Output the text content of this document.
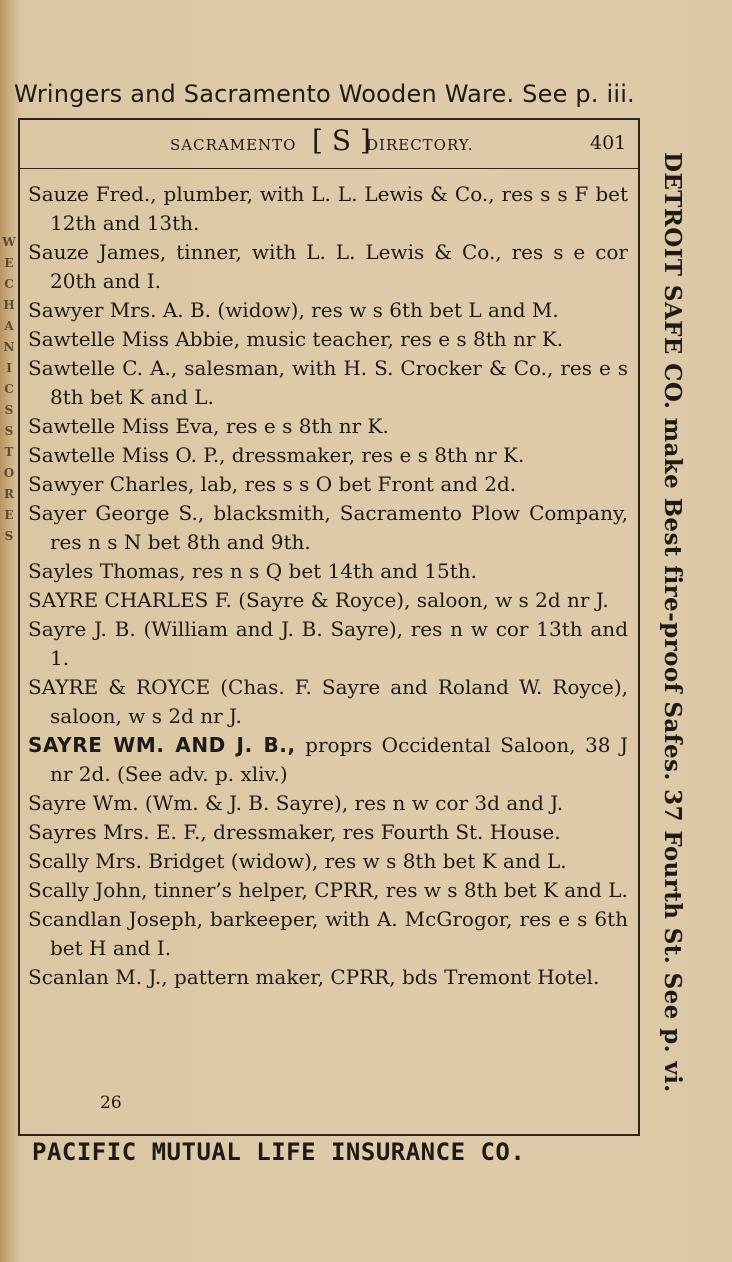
Wringers and Sacramento Wooden Ware. See p. iii.
SACRAMENTO [ S ]
DIRECTORY.	401
Sauze Fred., plumber, with L. L. Lewis & Co., res s s F bet 12th and 13th.
Sauze James, tinner, with L. L. Lewis & Co., res s e cor 20th and I.
Sawyer Mrs. A. B. (widow), res w s 6th bet L and M.
Sawtelle Miss Abbie, music teacher, res e s 8th nr K.
Sawtelle C. A., salesman, with H. S. Crocker & Co., res e s 8th bet K and L.
Sawtelle Miss Eva, res e s 8th nr K.
Sawtelle Miss O. P., dressmaker, res e s 8th nr K.
Sawyer Charles, lab, res s s O bet Front and 2d.
Sayer George S., blacksmith, Sacramento Plow Company, res n s N bet 8th and 9th.
Sayles Thomas, res n s Q bet 14th and 15th.
SAYRE CHARLES F. (Sayre & Royce), saloon, w s 2d nr J.
Sayre J. B. (William and J. B. Sayre), res n w cor 13th and 1.
SAYRE & ROYCE (Chas. F. Sayre and Roland W. Royce), saloon, w s 2d nr J.
SAYRE WM. AND J. B., proprs Occidental Saloon, 38 J nr 2d. (See adv. p. xliv.)
Sayre Wm. (Wm. & J. B. Sayre), res n w cor 3d and J.
Sayres Mrs. E. F., dressmaker, res Fourth St. House.
Scally Mrs. Bridget (widow), res w s 8th bet K and L.
Scally John, tinner’s helper, CPRR, res w s 8th bet K and L.
Scandlan Joseph, barkeeper, with A. McGrogor, res e s 6th bet H and I.
Scanlan M. J., pattern maker, CPRR, bds Tremont Hotel.
26
PACIFIC MUTUAL LIFE INSURANCE CO.
DETROIT SAFE CO. make Best fire-proof Safes. 37 Fourth St. See p. vi.
W E C H A N I C S S T O R E S
